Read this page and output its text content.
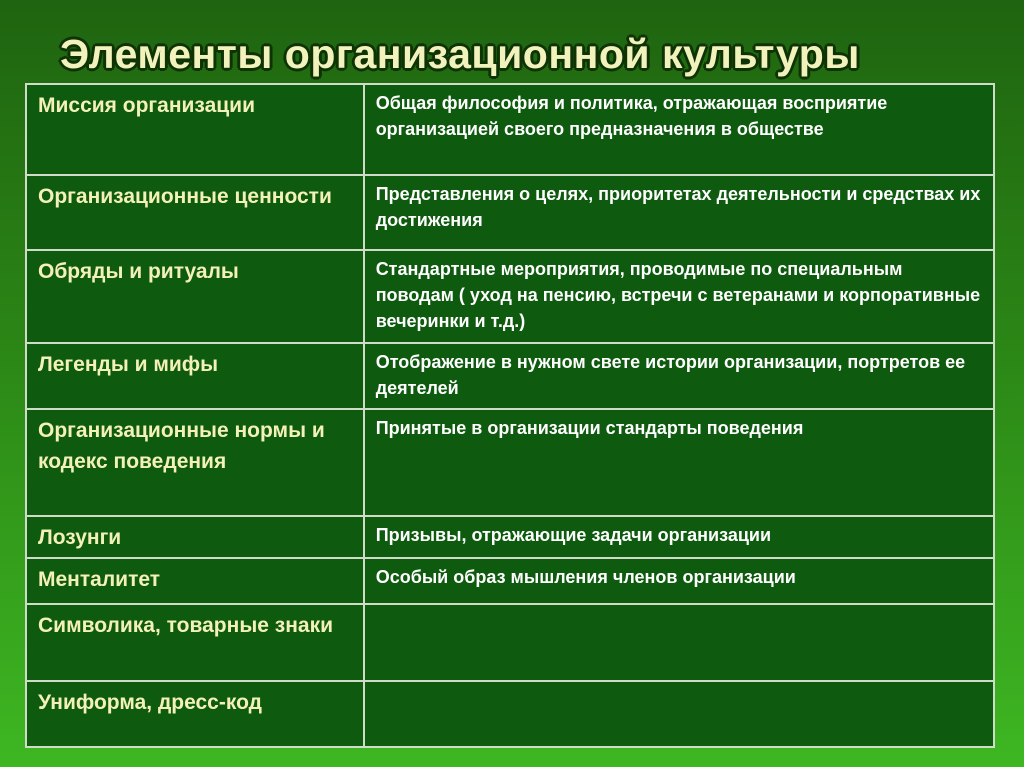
Элементы организационной культуры
Миссия организации	Общая философия и политика, отражающая восприятие организацией своего предназначения в обществе
Организационные ценности	Представления о целях, приоритетах деятельности и средствах их достижения
Обряды и ритуалы	Стандартные мероприятия, проводимые по специальным поводам ( уход на пенсию, встречи с ветеранами и корпоративные вечеринки и т.д.)
Легенды и мифы	Отображение в нужном свете истории организации, портретов ее деятелей
Организационные нормы и кодекс поведения	Принятые в организации стандарты поведения
Лозунги	Призывы, отражающие задачи организации
Менталитет	Особый образ мышления членов организации
Символика, товарные знаки	
Униформа, дресс-код	
